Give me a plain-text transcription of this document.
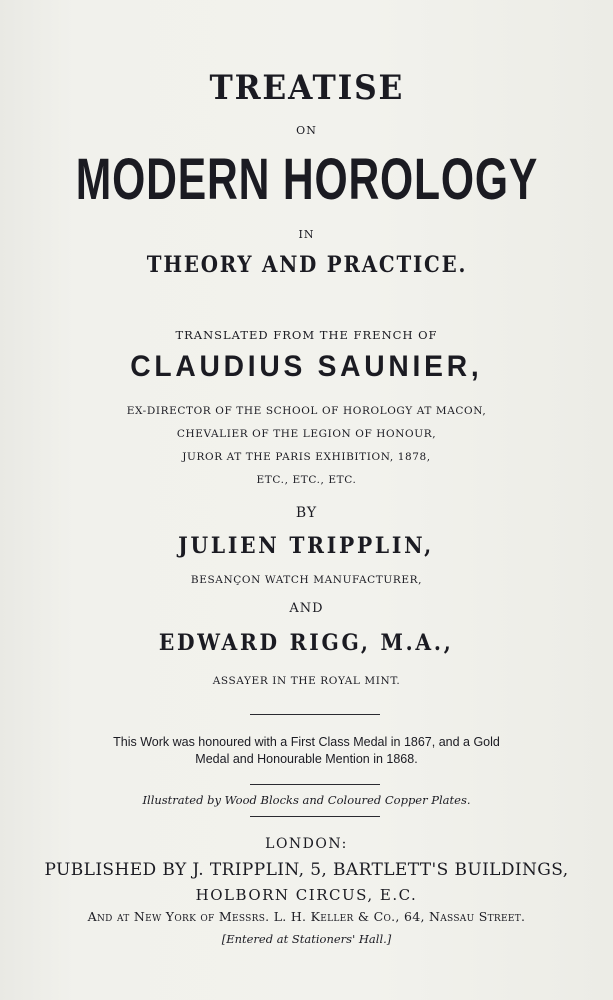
TREATISE
ON
MODERN HOROLOGY
IN
THEORY AND PRACTICE.
TRANSLATED FROM THE FRENCH OF
CLAUDIUS SAUNIER,
EX-DIRECTOR OF THE SCHOOL OF HOROLOGY AT MACON,
CHEVALIER OF THE LEGION OF HONOUR,
JUROR AT THE PARIS EXHIBITION, 1878,
ETC., ETC., ETC.
BY
JULIEN TRIPPLIN,
BESANÇON WATCH MANUFACTURER,
AND
EDWARD RIGG, M.A.,
ASSAYER IN THE ROYAL MINT.
This Work was honoured with a First Class Medal in 1867, and a Gold
Medal and Honourable Mention in 1868.
Illustrated by Wood Blocks and Coloured Copper Plates.
LONDON:
PUBLISHED BY J. TRIPPLIN, 5, BARTLETT'S BUILDINGS,
HOLBORN CIRCUS, E.C.
And at New York of Messrs. L. H. Keller & Co., 64, Nassau Street.
[Entered at Stationers' Hall.]
